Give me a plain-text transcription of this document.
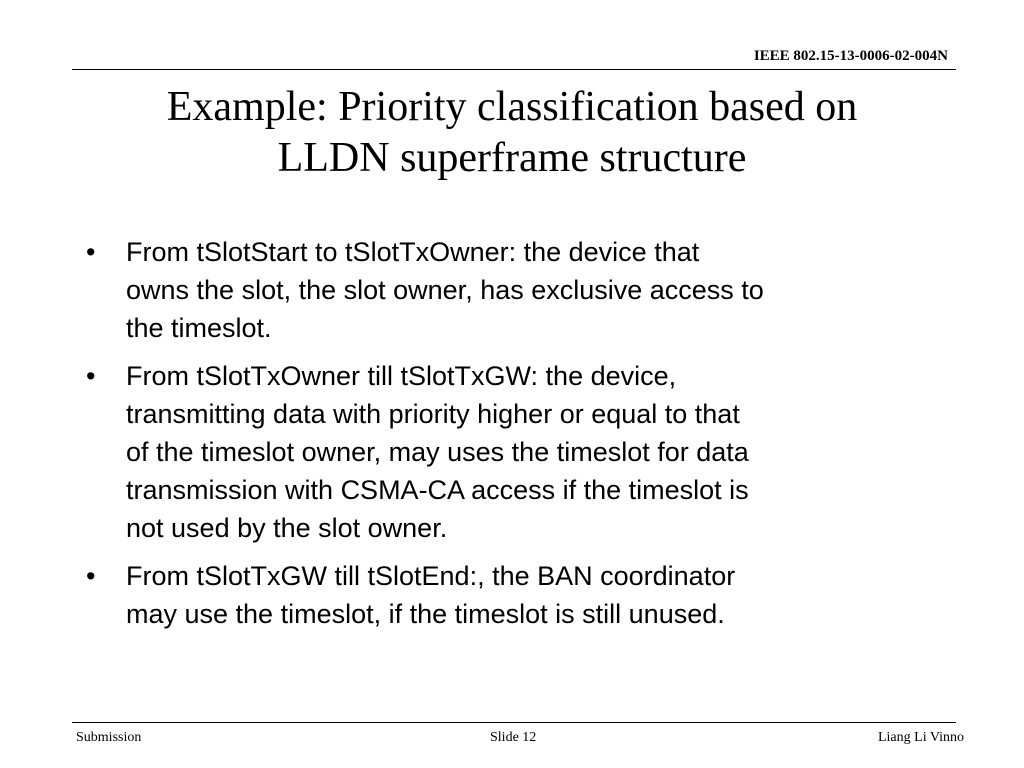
IEEE 802.15-13-0006-02-004N
Example: Priority classification based on
LLDN superframe structure
• From tSlotStart to tSlotTxOwner: the device that
owns the slot, the slot owner, has exclusive access to
the timeslot.
• From tSlotTxOwner till tSlotTxGW: the device,
transmitting data with priority higher or equal to that
of the timeslot owner, may uses the timeslot for data
transmission with CSMA-CA access if the timeslot is
not used by the slot owner.
• From tSlotTxGW till tSlotEnd:, the BAN coordinator
may use the timeslot, if the timeslot is still unused.
Submission	Slide 12	Liang Li Vinno
